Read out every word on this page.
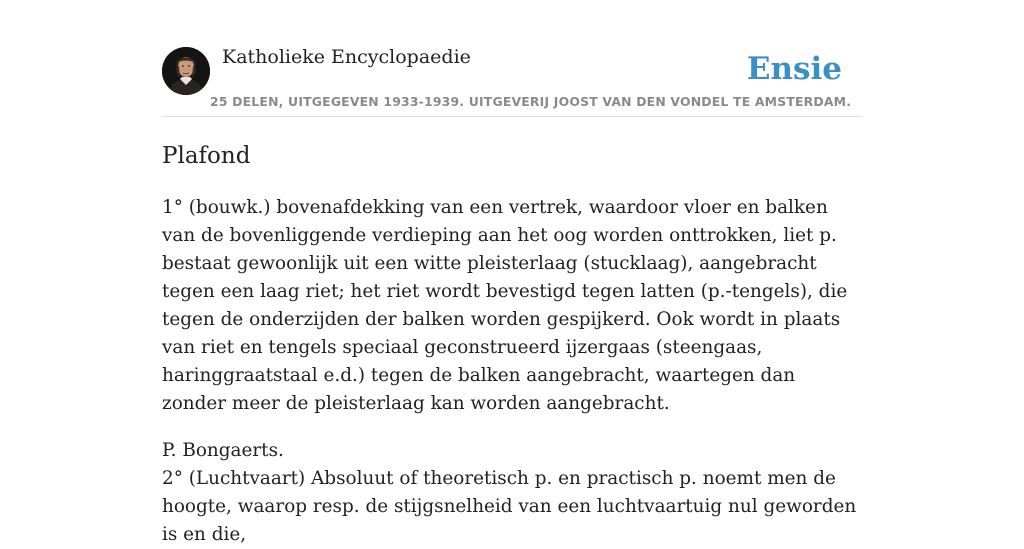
Katholieke Encyclopaedie	Ensie
25 DELEN, UITGEGEVEN 1933-1939. UITGEVERIJ JOOST VAN DEN VONDEL TE AMSTERDAM.
Plafond

1° (bouwk.) bovenafdekking van een vertrek, waardoor vloer en balken van de bovenliggende verdieping aan het oog worden onttrokken, liet p. bestaat gewoonlijk uit een witte pleisterlaag (stucklaag), aangebracht tegen een laag riet; het riet wordt bevestigd tegen latten (p.-tengels), die tegen de onderzijden der balken worden gespijkerd. Ook wordt in plaats van riet en tengels speciaal geconstrueerd ijzergaas (steengaas, haringgraatstaal e.d.) tegen de balken aangebracht, waartegen dan zonder meer de pleisterlaag kan worden aangebracht.

P. Bongaerts.
2° (Luchtvaart) Absoluut of theoretisch p. en practisch p. noemt men de hoogte, waarop resp. de stijgsnelheid van een luchtvaartuig nul geworden is en die,
